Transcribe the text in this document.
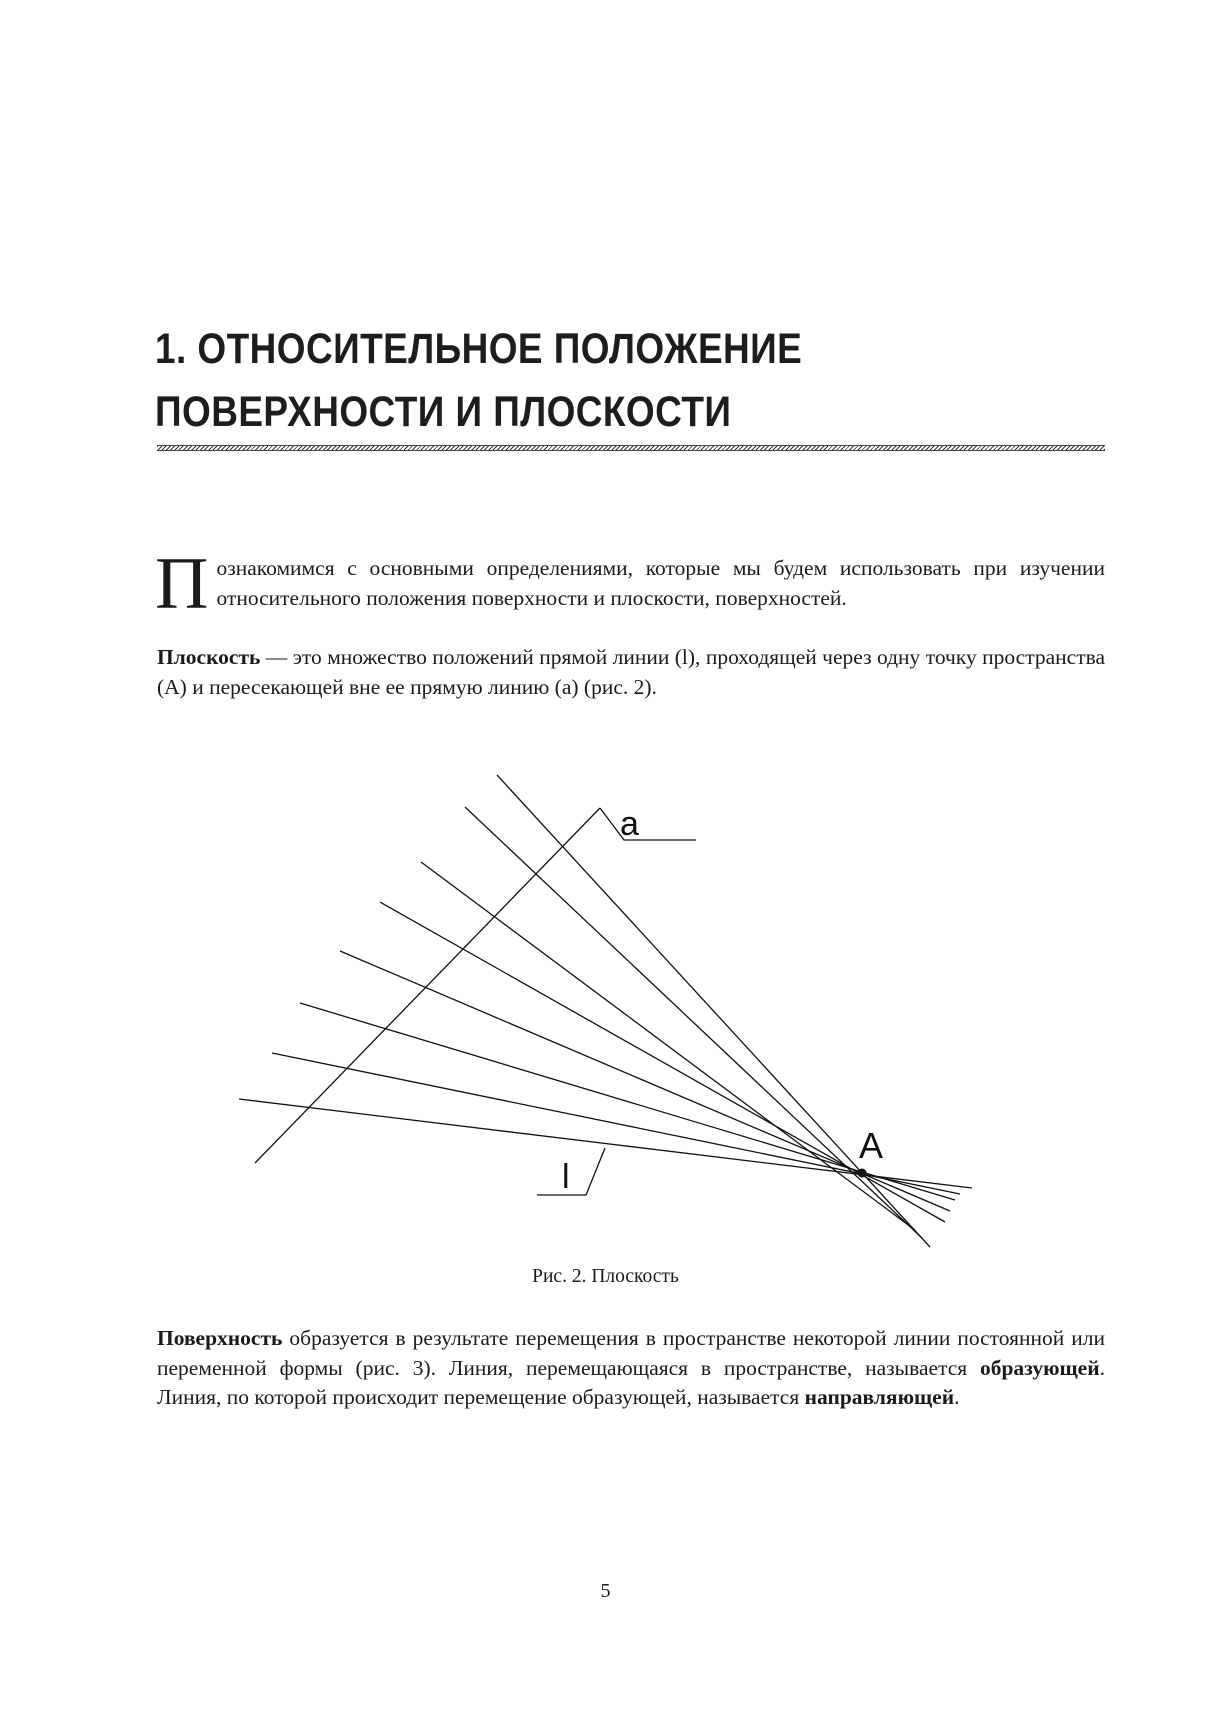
1. ОТНОСИТЕЛЬНОЕ ПОЛОЖЕНИЕ
ПОВЕРХНОСТИ И ПЛОСКОСТИ

Познакомимся с основными определениями, которые мы будем использовать при изучении относительного положения поверхности и плоскости, поверхностей.

Плоскость — это множество положений прямой линии (l), проходящей через одну точку пространства (А) и пересекающей вне ее прямую линию (а) (рис. 2).

a
A
l
Рис. 2. Плоскость

Поверхность образуется в результате перемещения в пространстве некоторой линии постоянной или переменной формы (рис. 3). Линия, перемещающаяся в пространстве, называется образующей. Линия, по которой происходит перемещение образующей, называется направляющей.

5
